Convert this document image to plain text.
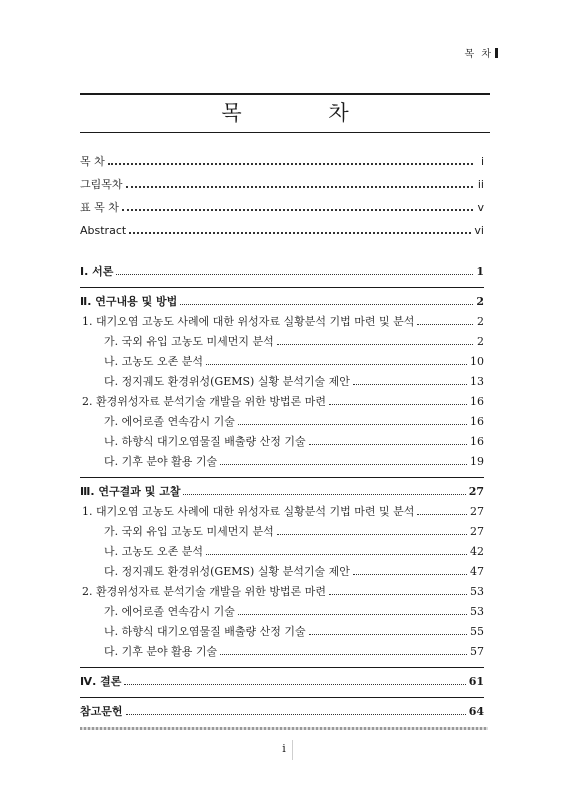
목 차
목 차
목 차	i
그림목차	ii
표 목 차	v
Abstract	vi
Ⅰ. 서론	1
Ⅱ. 연구내용 및 방법	2
1. 대기오염 고농도 사례에 대한 위성자료 실황분석 기법 마련 및 분석	2
가. 국외 유입 고농도 미세먼지 분석	2
나. 고농도 오존 분석	10
다. 정지궤도 환경위성(GEMS) 실황 분석기술 제안	13
2. 환경위성자료 분석기술 개발을 위한 방법론 마련	16
가. 에어로졸 연속감시 기술	16
나. 하향식 대기오염물질 배출량 산정 기술	16
다. 기후 분야 활용 기술	19
Ⅲ. 연구결과 및 고찰	27
1. 대기오염 고농도 사례에 대한 위성자료 실황분석 기법 마련 및 분석	27
가. 국외 유입 고농도 미세먼지 분석	27
나. 고농도 오존 분석	42
다. 정지궤도 환경위성(GEMS) 실황 분석기술 제안	47
2. 환경위성자료 분석기술 개발을 위한 방법론 마련	53
가. 에어로졸 연속감시 기술	53
나. 하향식 대기오염물질 배출량 산정 기술	55
다. 기후 분야 활용 기술	57
Ⅳ. 결론	61
참고문헌	64
i
